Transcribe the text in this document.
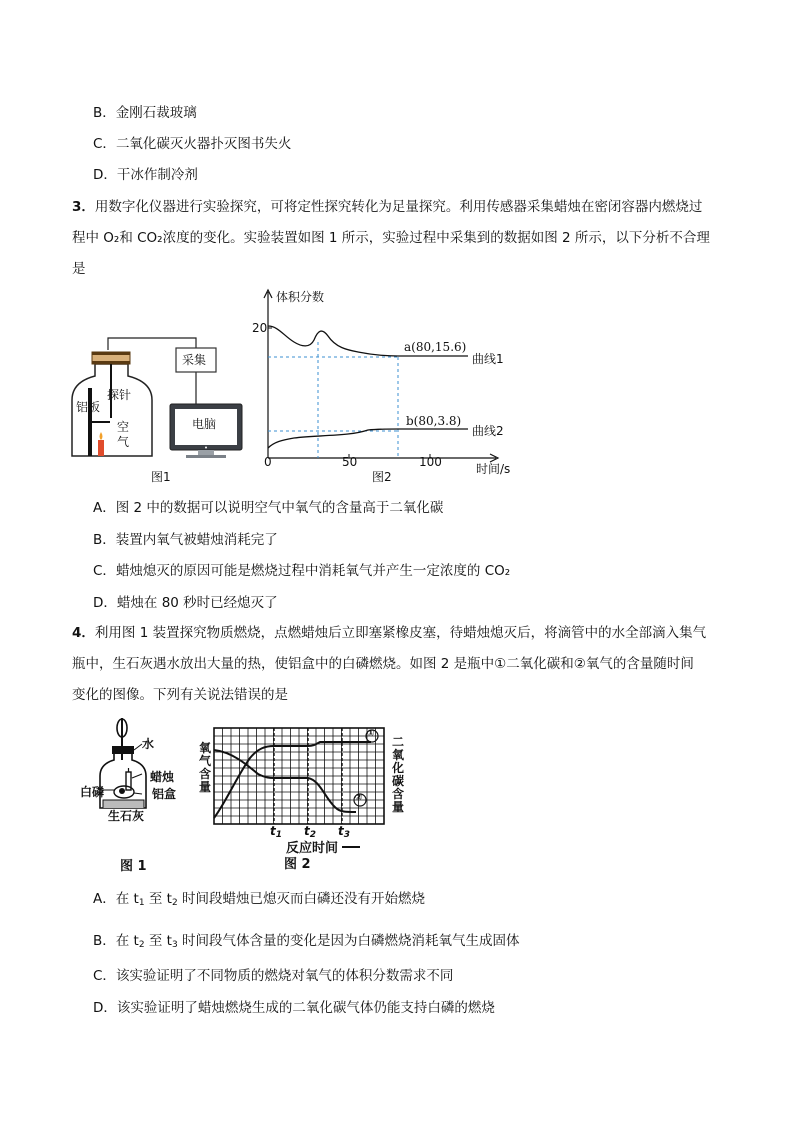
B．金刚石裁玻璃
C．二氧化碳灭火器扑灭图书失火
D．干冰作制冷剂
3．用数字化仪器进行实验探究，可将定性探究转化为足量探究。利用传感器采集蜡烛在密闭容器内燃烧过
程中 O₂和 CO₂浓度的变化。实验装置如图 1 所示，实验过程中采集到的数据如图 2 所示，以下分析不合理
是
采集
电脑
探针
铝板
空气
图1
体积分数
20
0	50	100	时间/s
a(80,15.6)
b(80,3.8)
曲线1
曲线2
图2
A．图 2 中的数据可以说明空气中氧气的含量高于二氧化碳
B．装置内氧气被蜡烛消耗完了
C．蜡烛熄灭的原因可能是燃烧过程中消耗氧气并产生一定浓度的 CO₂
D．蜡烛在 80 秒时已经熄灭了
4．利用图 1 装置探究物质燃烧，点燃蜡烛后立即塞紧橡皮塞，待蜡烛熄灭后，将滴管中的水全部滴入集气
瓶中，生石灰遇水放出大量的热，使铝盒中的白磷燃烧。如图 2 是瓶中①二氧化碳和②氧气的含量随时间
变化的图像。下列有关说法错误的是
水
蜡烛
白磷	铝盒
生石灰
图 1
氧气含量
二氧化碳含量
①
②
$t_1$ $t_2$ $t_3$
反应时间
图 2
A．在 $t_1$ 至 $t_2$ 时间段蜡烛已熄灭而白磷还没有开始燃烧
B．在 $t_2$ 至 $t_3$ 时间段气体含量的变化是因为白磷燃烧消耗氧气生成固体
C．该实验证明了不同物质的燃烧对氧气的体积分数需求不同
D．该实验证明了蜡烛燃烧生成的二氧化碳气体仍能支持白磷的燃烧
